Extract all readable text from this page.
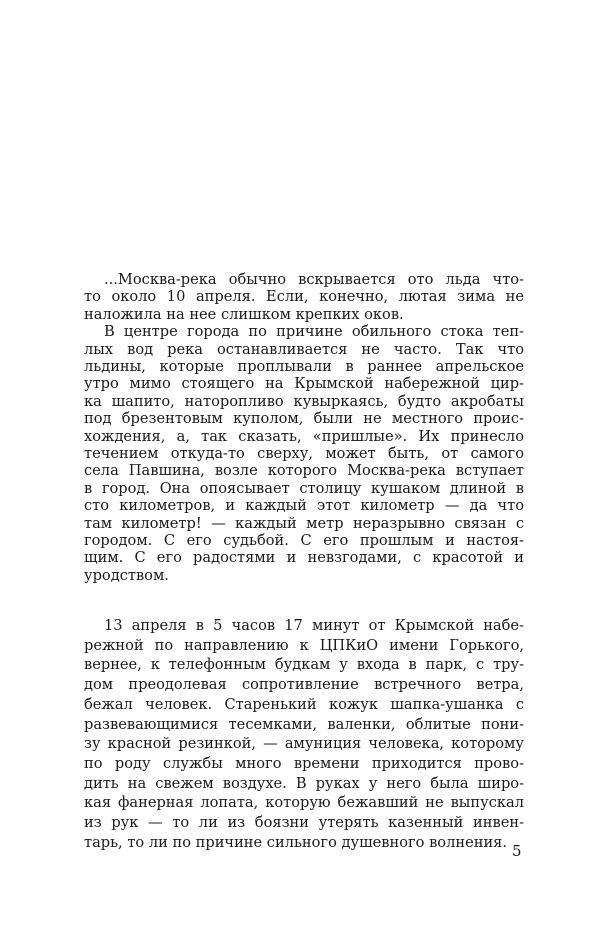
...Москва-река обычно вскрывается ото льда что-
то около 10 апреля. Если, конечно, лютая зима не
наложила на нее слишком крепких оков.
В центре города по причине обильного стока теп-
лых вод река останавливается не часто. Так что
льдины, которые проплывали в раннее апрельское
утро мимо стоящего на Крымской набережной цир-
ка шапито, наторопливо кувыркаясь, будто акробаты
под брезентовым куполом, были не местного проис-
хождения, а, так сказать, «пришлые». Их принесло
течением откуда-то сверху, может быть, от самого
села Павшина, возле которого Москва-река вступает
в город. Она опоясывает столицу кушаком длиной в
сто километров, и каждый этот километр — да что
там километр! — каждый метр неразрывно связан с
городом. С его судьбой. С его прошлым и настоя-
щим. С его радостями и невзгодами, с красотой и
уродством.
13 апреля в 5 часов 17 минут от Крымской набе-
режной по направлению к ЦПКиО имени Горького,
вернее, к телефонным будкам у входа в парк, с тру-
дом преодолевая сопротивление встречного ветра,
бежал человек. Старенький кожук шапка-ушанка с
развевающимися тесемками, валенки, облитые пони-
зу красной резинкой, — амуниция человека, которому
по роду службы много времени приходится прово-
дить на свежем воздухе. В руках у него была широ-
кая фанерная лопата, которую бежавший не выпускал
из рук — то ли из боязни утерять казенный инвен-
тарь, то ли по причине сильного душевного волнения. 5
